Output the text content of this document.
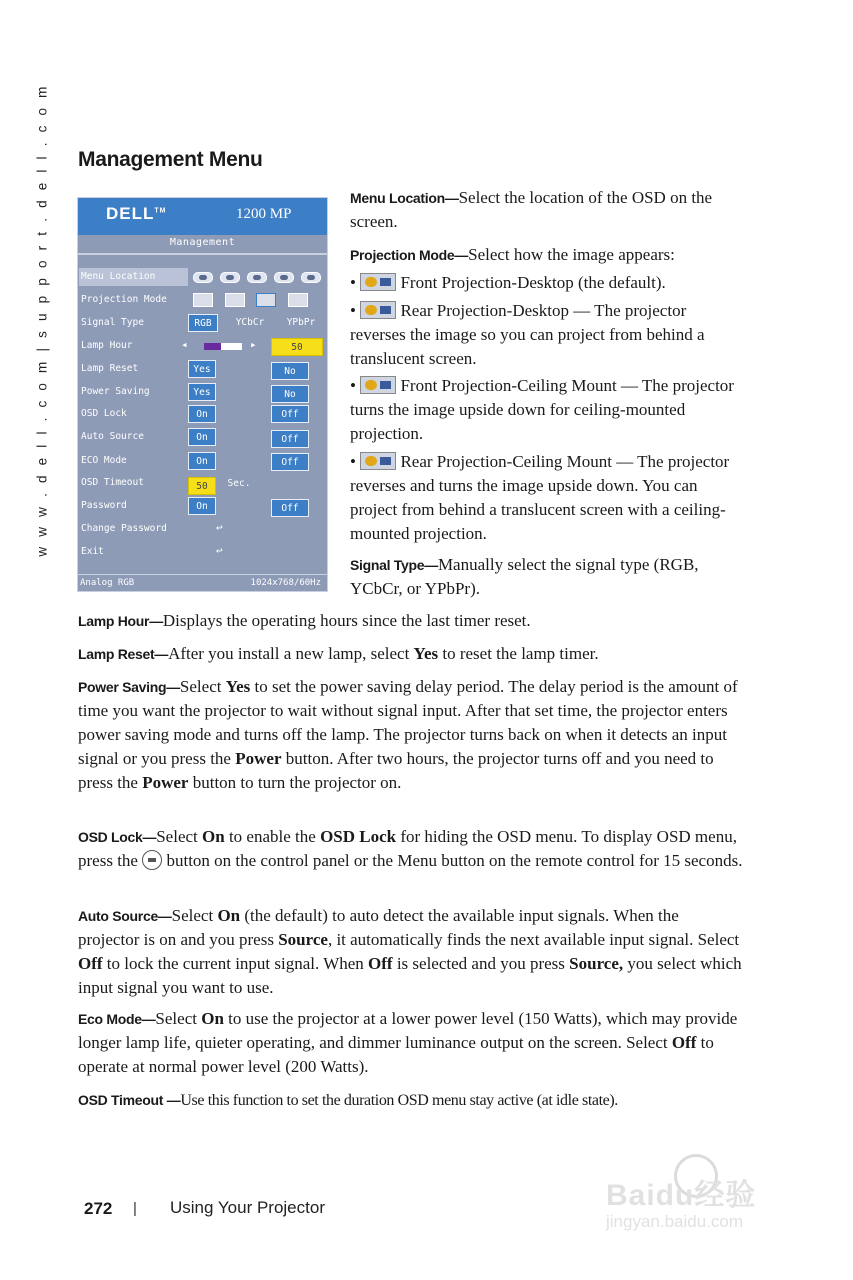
w w w . d e l l . c o m | s u p p o r t . d e l l . c o m Management Menu
DELL™	1200 MP
Management
Menu Location
Projection Mode
Signal Type	RGB	YCbCr	YPbPr
Lamp Hour	◂	▸	50
Lamp Reset	Yes	No
Power Saving	Yes	No
OSD Lock	On	Off
Auto Source	On	Off
ECO Mode	On	Off
OSD Timeout	50	Sec.
Password	On	Off
Change Password	↩
Exit	↩
Analog RGB	1024x768/60Hz

Menu Location—Select the location of the OSD on the screen.

Projection Mode—Select how the image appears:

•  Front Projection-Desktop (the default).

•  Rear Projection-Desktop — The projector reverses the image so you can project from behind a translucent screen.

•  Front Projection-Ceiling Mount — The projector turns the image upside down for ceiling-mounted projection.

•  Rear Projection-Ceiling Mount — The projector reverses and turns the image upside down. You can project from behind a translucent screen with a ceiling-mounted projection.

Signal Type—Manually select the signal type (RGB, YCbCr, or YPbPr).

Lamp Hour—Displays the operating hours since the last timer reset.

Lamp Reset—After you install a new lamp, select Yes to reset the lamp timer.

Power Saving—Select Yes to set the power saving delay period. The delay period is the amount of time you want the projector to wait without signal input. After that set time, the projector enters power saving mode and turns off the lamp. The projector turns back on when it detects an input signal or you press the Power button. After two hours, the projector turns off and you need to press the Power button to turn the projector on.

OSD Lock—Select On to enable the OSD Lock for hiding the OSD menu. To display OSD menu, press the  button on the control panel or the Menu button on the remote control for 15 seconds.

Auto Source—Select On (the default) to auto detect the available input signals. When the projector is on and you press Source, it automatically finds the next available input signal. Select Off to lock the current input signal. When Off is selected and you press Source, you select which input signal you want to use.

Eco Mode—Select On to use the projector at a lower power level (150 Watts), which may provide longer lamp life, quieter operating, and dimmer luminance output on the screen. Select Off to operate at normal power level (200 Watts).

OSD Timeout —Use this function to set the duration OSD menu stay active (at idle state).

272 | Using Your Projector	Baidu经验
jingyan.baidu.com
